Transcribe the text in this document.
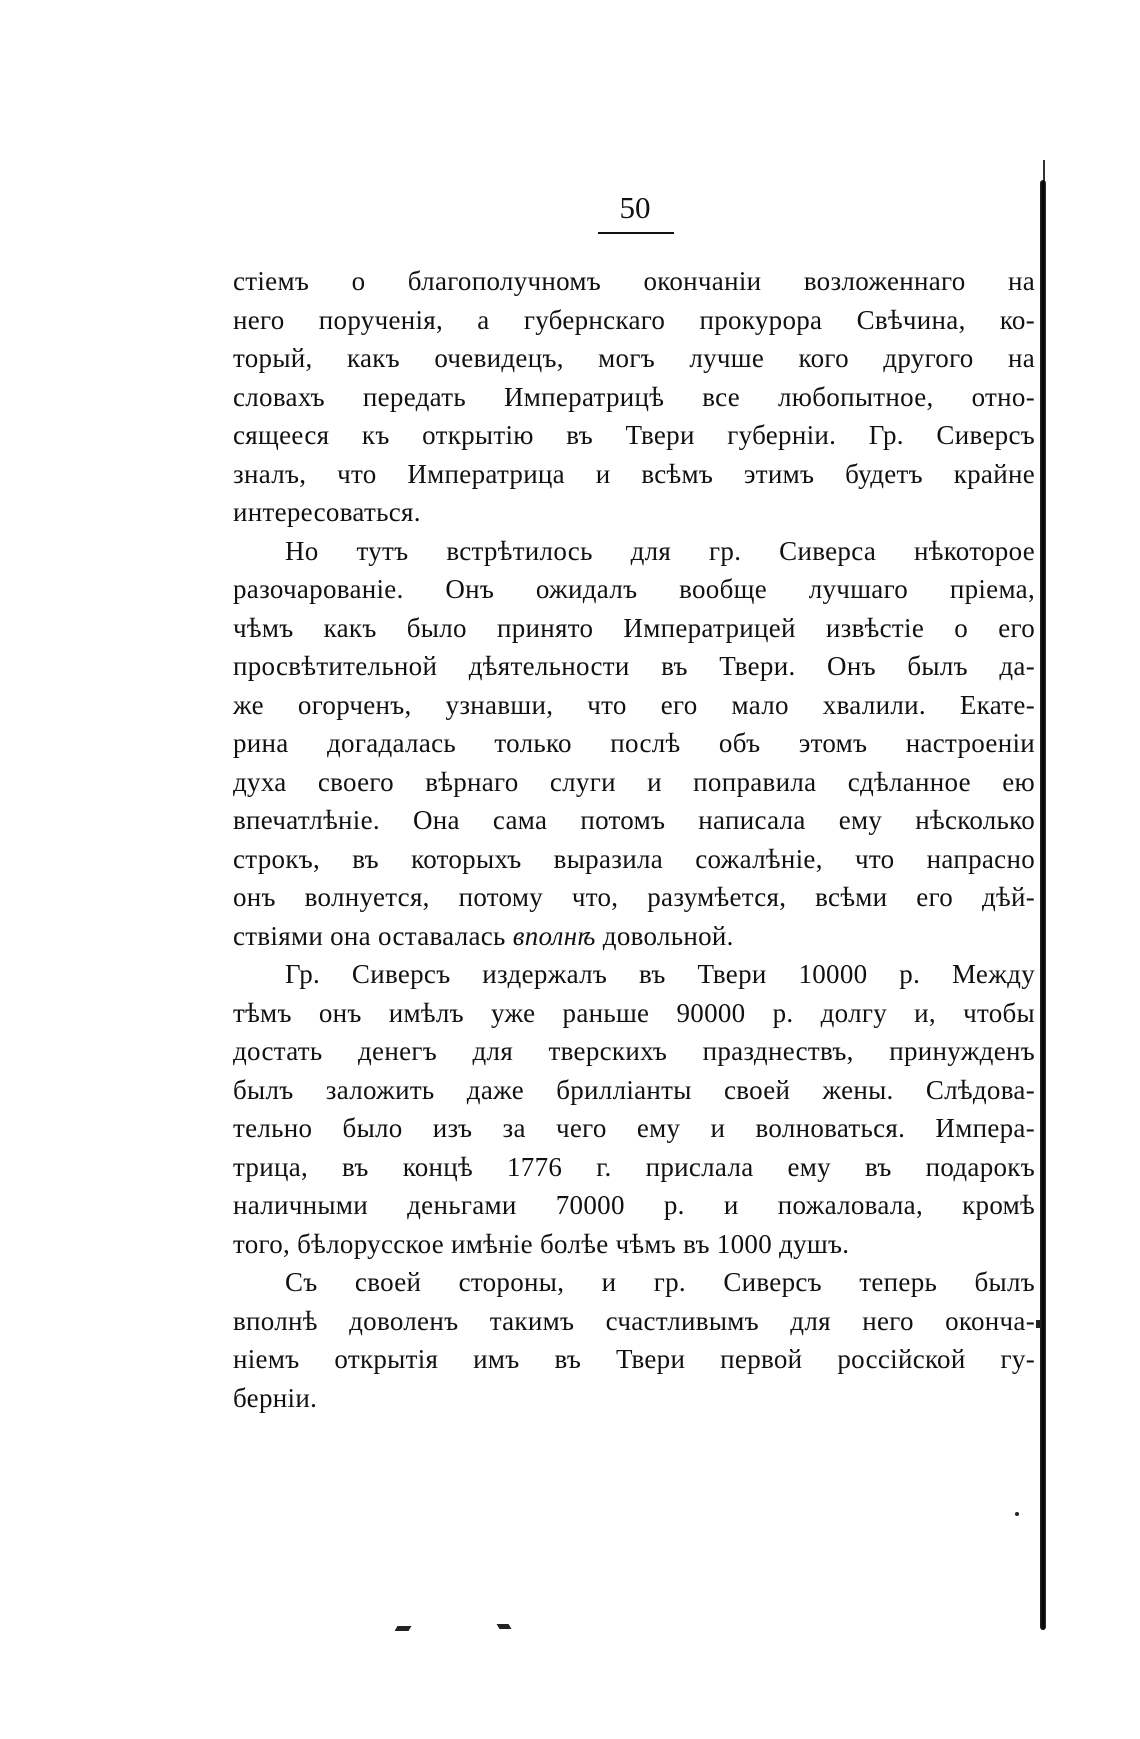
50
стіемъ о благополучномъ окончаніи возложеннаго на
него порученія, а губернскаго прокурора Свѣчина, ко-
торый, какъ очевидецъ, могъ лучше кого другого на
словахъ передать Императрицѣ все любопытное, отно-
сящееся къ открытію въ Твери губерніи. Гр. Сиверсъ
зналъ, что Императрица и всѣмъ этимъ будетъ крайне
интересоваться.
Но тутъ встрѣтилось для гр. Сиверса нѣкоторое
разочарованіе. Онъ ожидалъ вообще лучшаго пріема,
чѣмъ какъ было принято Императрицей извѣстіе о его
просвѣтительной дѣятельности въ Твери. Онъ былъ да-
же огорченъ, узнавши, что его мало хвалили. Екате-
рина догадалась только послѣ объ этомъ настроеніи
духа своего вѣрнаго слуги и поправила сдѣланное ею
впечатлѣніе. Она сама потомъ написала ему нѣсколько
строкъ, въ которыхъ выразила сожалѣніе, что напрасно
онъ волнуется, потому что, разумѣется, всѣми его дѣй-
ствіями она оставалась вполнѣ довольной.
Гр. Сиверсъ издержалъ въ Твери 10000 р. Между
тѣмъ онъ имѣлъ уже раньше 90000 р. долгу и, чтобы
достать денегъ для тверскихъ празднествъ, принужденъ
былъ заложить даже брилліанты своей жены. Слѣдова-
тельно было изъ за чего ему и волноваться. Импера-
трица, въ концѣ 1776 г. прислала ему въ подарокъ
наличными деньгами 70000 р. и пожаловала, кромѣ
того, бѣлорусское имѣніе болѣе чѣмъ въ 1000 душъ.
Съ своей стороны, и гр. Сиверсъ теперь былъ
вполнѣ доволенъ такимъ счастливымъ для него оконча-
ніемъ открытія имъ въ Твери первой россійской гу-
берніи.
